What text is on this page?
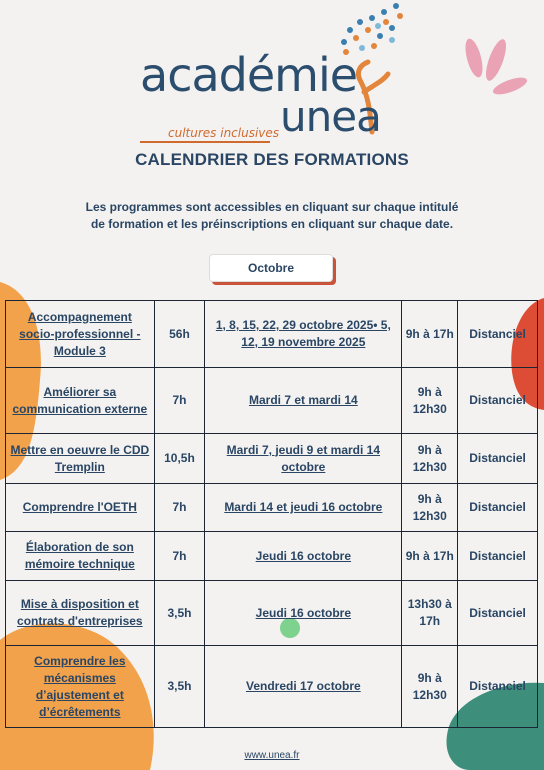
académie
unea
cultures inclusives
CALENDRIER DES FORMATIONS
Les programmes sont accessibles en cliquant sur chaque intitulé de formation et les préinscriptions en cliquant sur chaque date.
Octobre
Accompagnement socio-professionnel - Module 3	56h	1, 8, 15, 22, 29 octobre 2025• 5, 12, 19 novembre 2025	9h à 17h	Distanciel
Améliorer sa communication externe	7h	Mardi 7 et mardi 14	9h à 12h30	Distanciel
Mettre en oeuvre le CDD Tremplin	10,5h	Mardi 7, jeudi 9 et mardi 14 octobre	9h à 12h30	Distanciel
Comprendre l'OETH	7h	Mardi 14 et jeudi 16 octobre	9h à 12h30	Distanciel
Élaboration de son mémoire technique	7h	Jeudi 16 octobre	9h à 17h	Distanciel
Mise à disposition et contrats d'entreprises	3,5h	Jeudi 16 octobre	13h30 à 17h	Distanciel
Comprendre les mécanismes d’ajustement et d’écrêtements	3,5h	Vendredi 17 octobre	9h à 12h30	Distanciel
www.unea.fr
